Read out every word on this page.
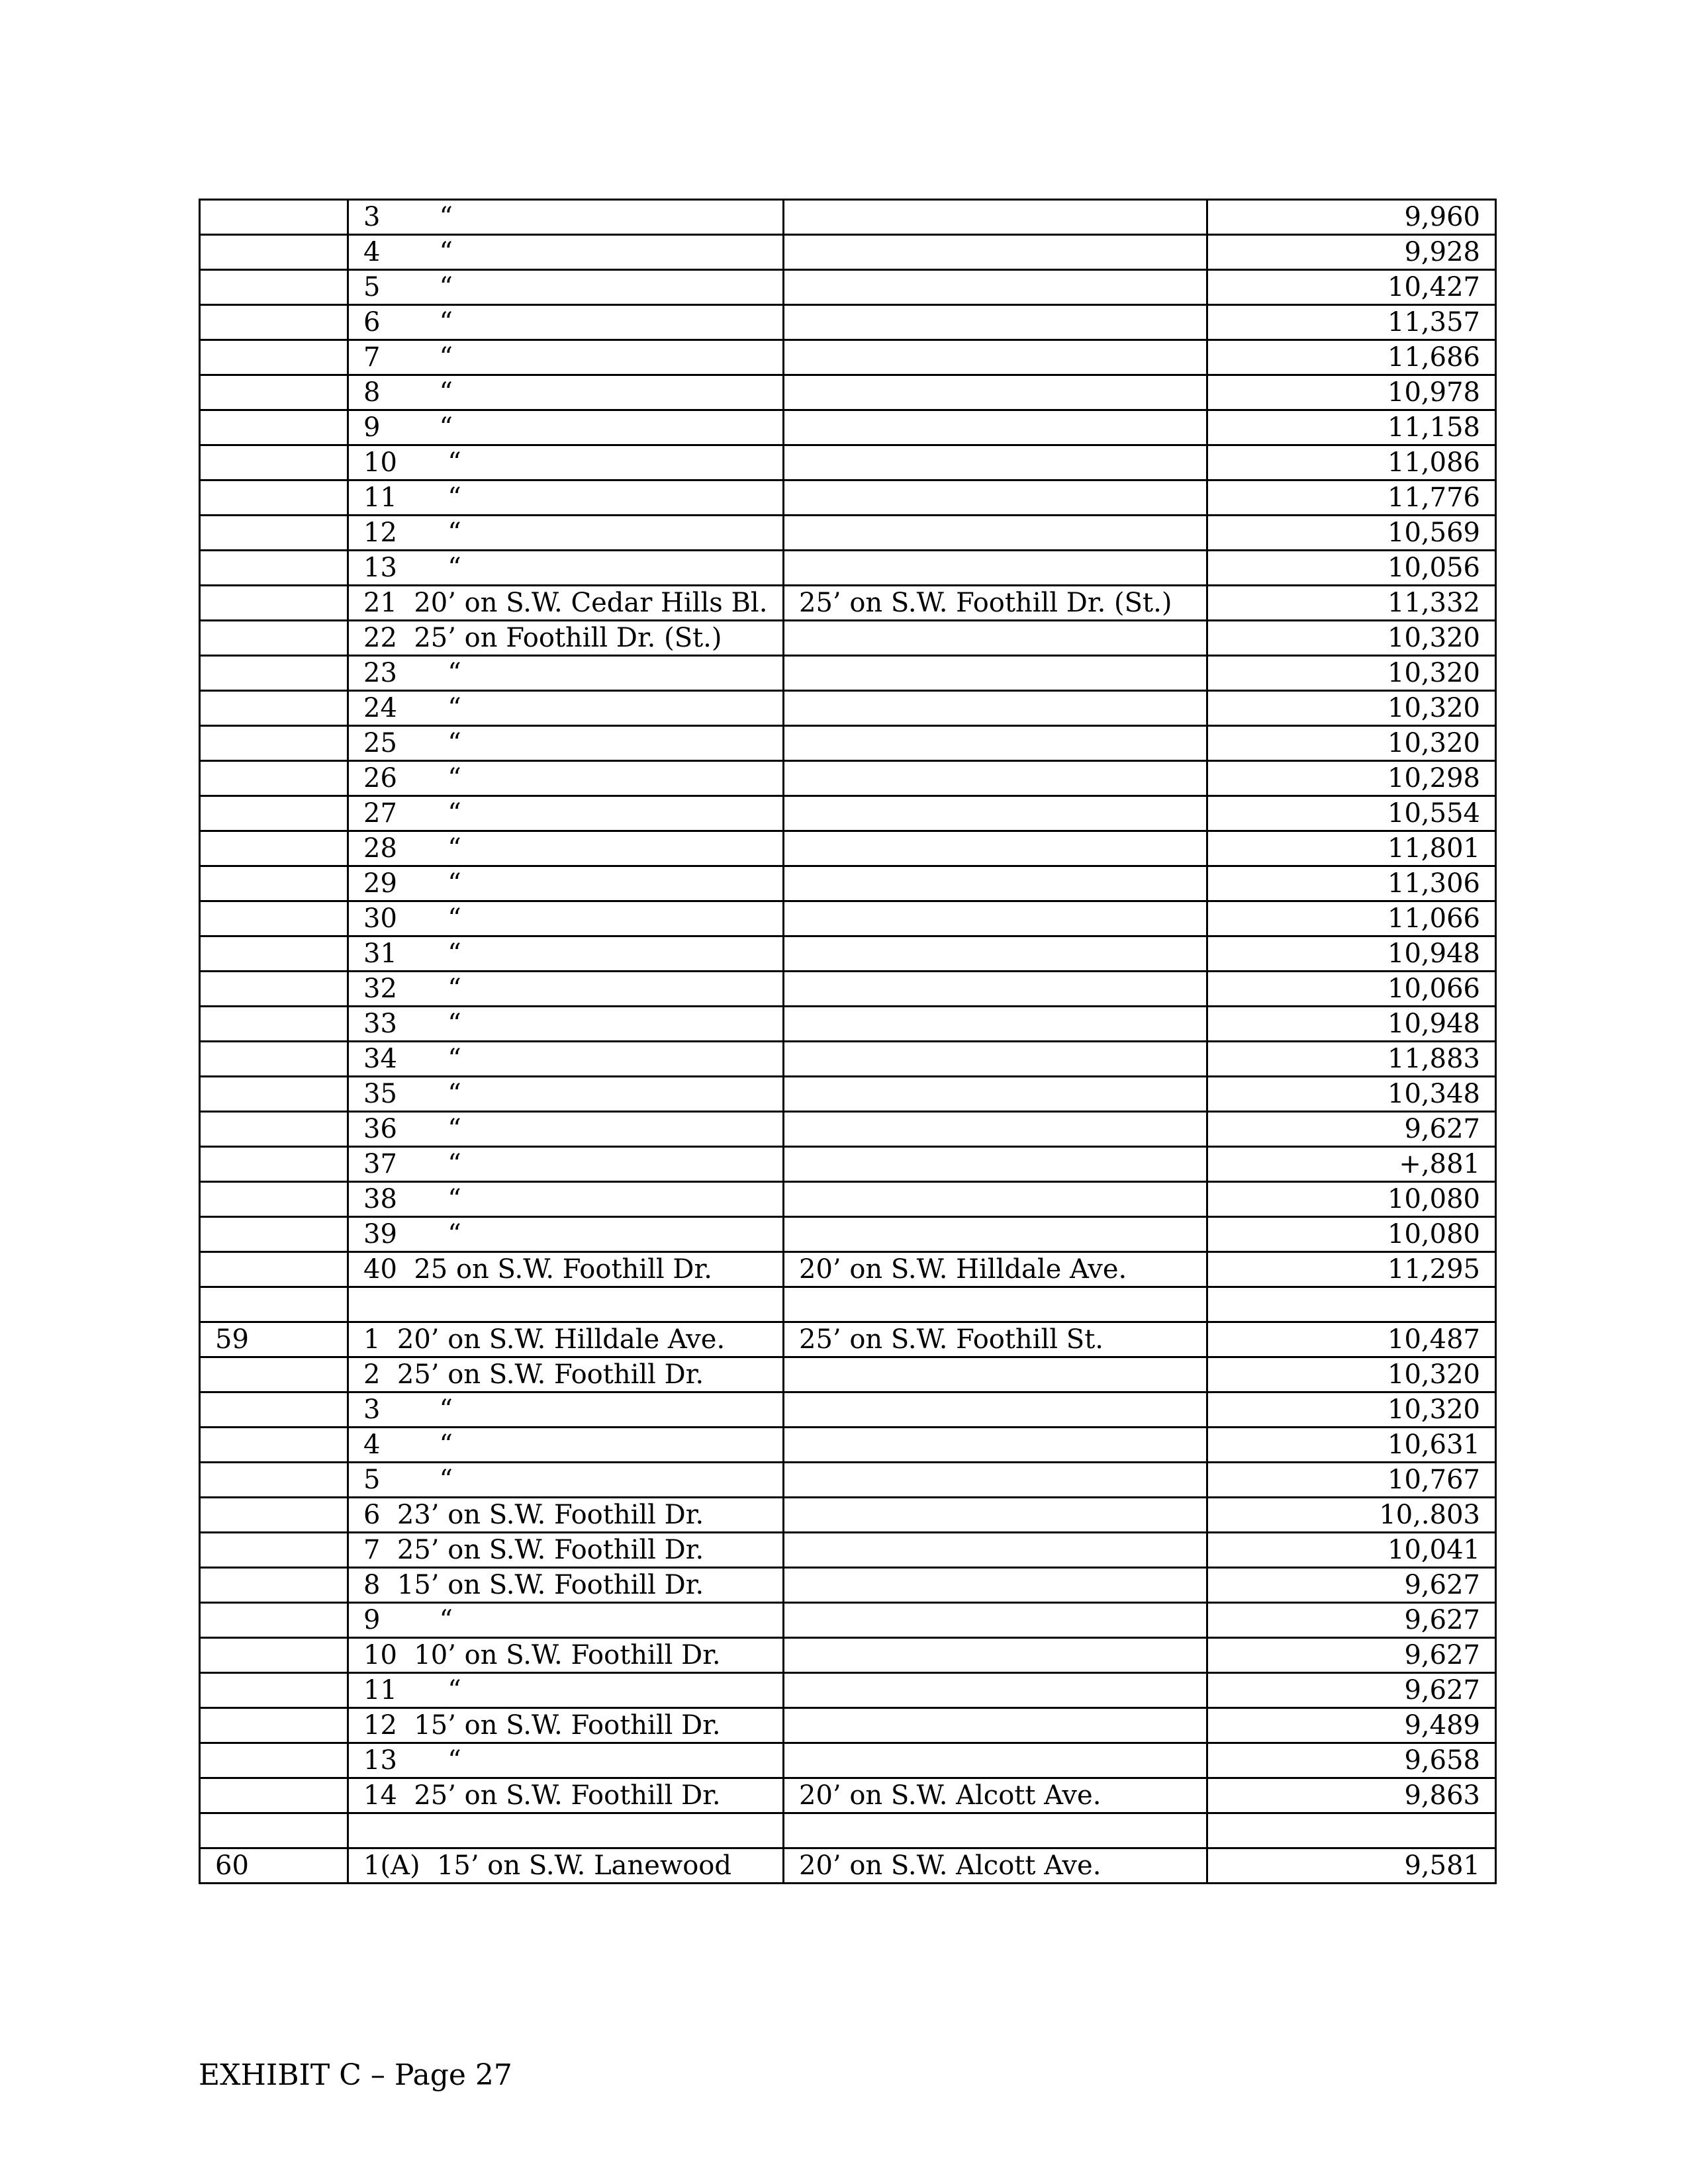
	3       “		9,960
	4       “		9,928
	5       “		10,427
	6       “		11,357
	7       “		11,686
	8       “		10,978
	9       “		11,158
	10      “		11,086
	11      “		11,776
	12      “		10,569
	13      “		10,056
	21  20’ on S.W. Cedar Hills Bl.	25’ on S.W. Foothill Dr. (St.)	11,332
	22  25’ on Foothill Dr. (St.)		10,320
	23      “		10,320
	24      “		10,320
	25      “		10,320
	26      “		10,298
	27      “		10,554
	28      “		11,801
	29      “		11,306
	30      “		11,066
	31      “		10,948
	32      “		10,066
	33      “		10,948
	34      “		11,883
	35      “		10,348
	36      “		9,627
	37      “		+,881
	38      “		10,080
	39      “		10,080
	40  25 on S.W. Foothill Dr.	20’ on S.W. Hilldale Ave.	11,295

59	1  20’ on S.W. Hilldale Ave.	25’ on S.W. Foothill St.	10,487
	2  25’ on S.W. Foothill Dr.		10,320
	3       “		10,320
	4       “		10,631
	5       “		10,767
	6  23’ on S.W. Foothill Dr.		10,.803
	7  25’ on S.W. Foothill Dr.		10,041
	8  15’ on S.W. Foothill Dr.		9,627
	9       “		9,627
	10  10’ on S.W. Foothill Dr.		9,627
	11      “		9,627
	12  15’ on S.W. Foothill Dr.		9,489
	13      “		9,658
	14  25’ on S.W. Foothill Dr.	20’ on S.W. Alcott Ave.	9,863

60	1(A)  15’ on S.W. Lanewood	20’ on S.W. Alcott Ave.	9,581
EXHIBIT C – Page 27
